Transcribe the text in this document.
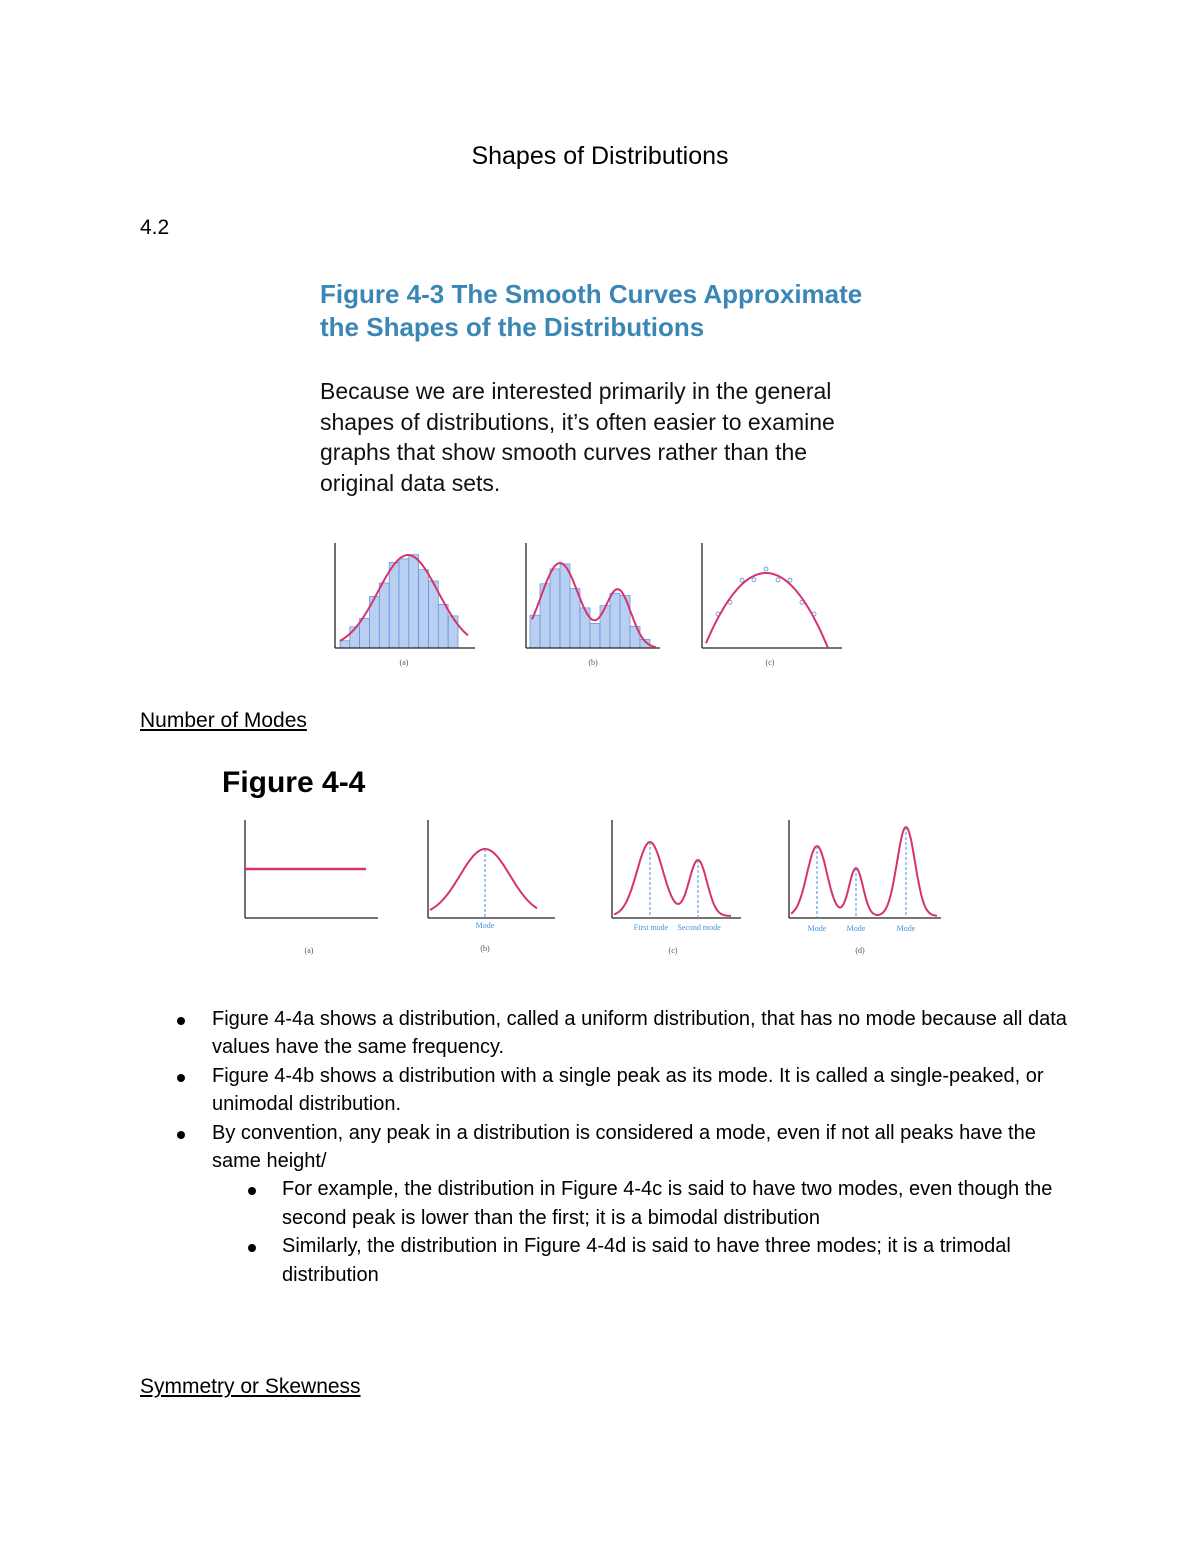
Shapes of Distributions
4.2
Figure 4-3 The Smooth Curves Approximate
the Shapes of the Distributions
Because we are interested primarily in the general
shapes of distributions, it’s often easier to examine
graphs that show smooth curves rather than the
original data sets.
(a)	(b)	(c)
Number of Modes
Figure 4-4
(a)
Mode
(b)
First mode Second mode
(c)
Mode	Mode	Mode
(d)
Figure 4-4a shows a distribution, called a uniform distribution, that has no mode because all data values have the same frequency.
Figure 4-4b shows a distribution with a single peak as its mode. It is called a single-peaked, or unimodal distribution.
By convention, any peak in a distribution is considered a mode, even if not all peaks have the same height/
For example, the distribution in Figure 4-4c is said to have two modes, even though the second peak is lower than the first; it is a bimodal distribution
Similarly, the distribution in Figure 4-4d is said to have three modes; it is a trimodal distribution
Symmetry or Skewness
